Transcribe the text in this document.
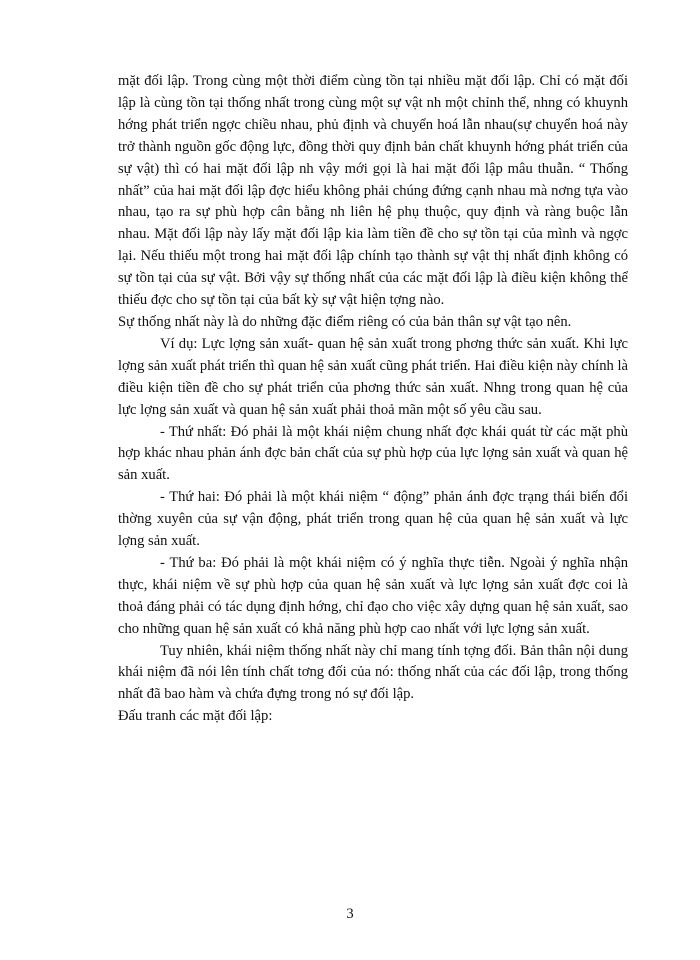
mặt đối lập. Trong cùng một thời điểm cùng tồn tại nhiều mặt đối lập. Chỉ có mặt đối lập là cùng tồn tại thống nhất trong cùng một sự vật nh một chỉnh thể, nhng có khuynh hớng phát triển ngợc chiều nhau, phủ định và chuyển hoá lẫn nhau(sự chuyển hoá này trở thành nguồn gốc động lực, đồng thời quy định bản chất khuynh hớng phát triển của sự vật) thì có hai mặt đối lập nh vậy mới gọi là hai mặt đối lập mâu thuẫn. “ Thống nhất” của hai mặt đối lập đợc hiểu không phải chúng đứng cạnh nhau mà nơng tựa vào nhau, tạo ra sự phù hợp cân bằng nh liên hệ phụ thuộc, quy định và ràng buộc lẫn nhau. Mặt đối lập này lấy mặt đối lập kia làm tiền đề cho sự tồn tại của mình và ngợc lại. Nếu thiếu một trong hai mặt đối lập chính tạo thành sự vật thị nhất định không có sự tồn tại của sự vật. Bởi vậy sự thống nhất của các mặt đối lập là điều kiện không thể thiếu đợc cho sự tồn tại của bất kỳ sự vật hiện tợng nào.

Sự thống nhất này là do những đặc điểm riêng có của bản thân sự vật tạo nên.

Ví dụ: Lực lợng sản xuất- quan hệ sản xuất trong phơng thức sản xuất. Khi lực lợng sản xuất phát triển thì quan hệ sản xuất cũng phát triển. Hai điều kiện này chính là điều kiện tiền đề cho sự phát triển của phơng thức sản xuất. Nhng trong quan hệ của lực lợng sản xuất và quan hệ sản xuất phải thoả mãn một số yêu cầu sau.

- Thứ nhất: Đó phải là một khái niệm chung nhất đợc khái quát từ các mặt phù hợp khác nhau phản ánh đợc bản chất của sự phù hợp của lực lợng sản xuất và quan hệ sản xuất.

- Thứ hai: Đó phải là một khái niệm “ động” phản ánh đợc trạng thái biến đổi thờng xuyên của sự vận động, phát triển trong quan hệ của quan hệ sản xuất và lực lợng sản xuất.

- Thứ ba: Đó phải là một khái niệm có ý nghĩa thực tiễn. Ngoài ý nghĩa nhận thực, khái niệm về sự phù hợp của quan hệ sản xuất và lực lợng sản xuất đợc coi là thoả đáng phải có tác dụng định hớng, chỉ đạo cho việc xây dựng quan hệ sản xuất, sao cho những quan hệ sản xuất có khả năng phù hợp cao nhất với lực lợng sản xuất.

Tuy nhiên, khái niệm thống nhất này chỉ mang tính tợng đối. Bản thân nội dung khái niệm đã nói lên tính chất tơng đối của nó: thống nhất của các đối lập, trong thống nhất đã bao hàm và chứa đựng trong nó sự đối lập.

Đấu tranh các mặt đối lập:

3
